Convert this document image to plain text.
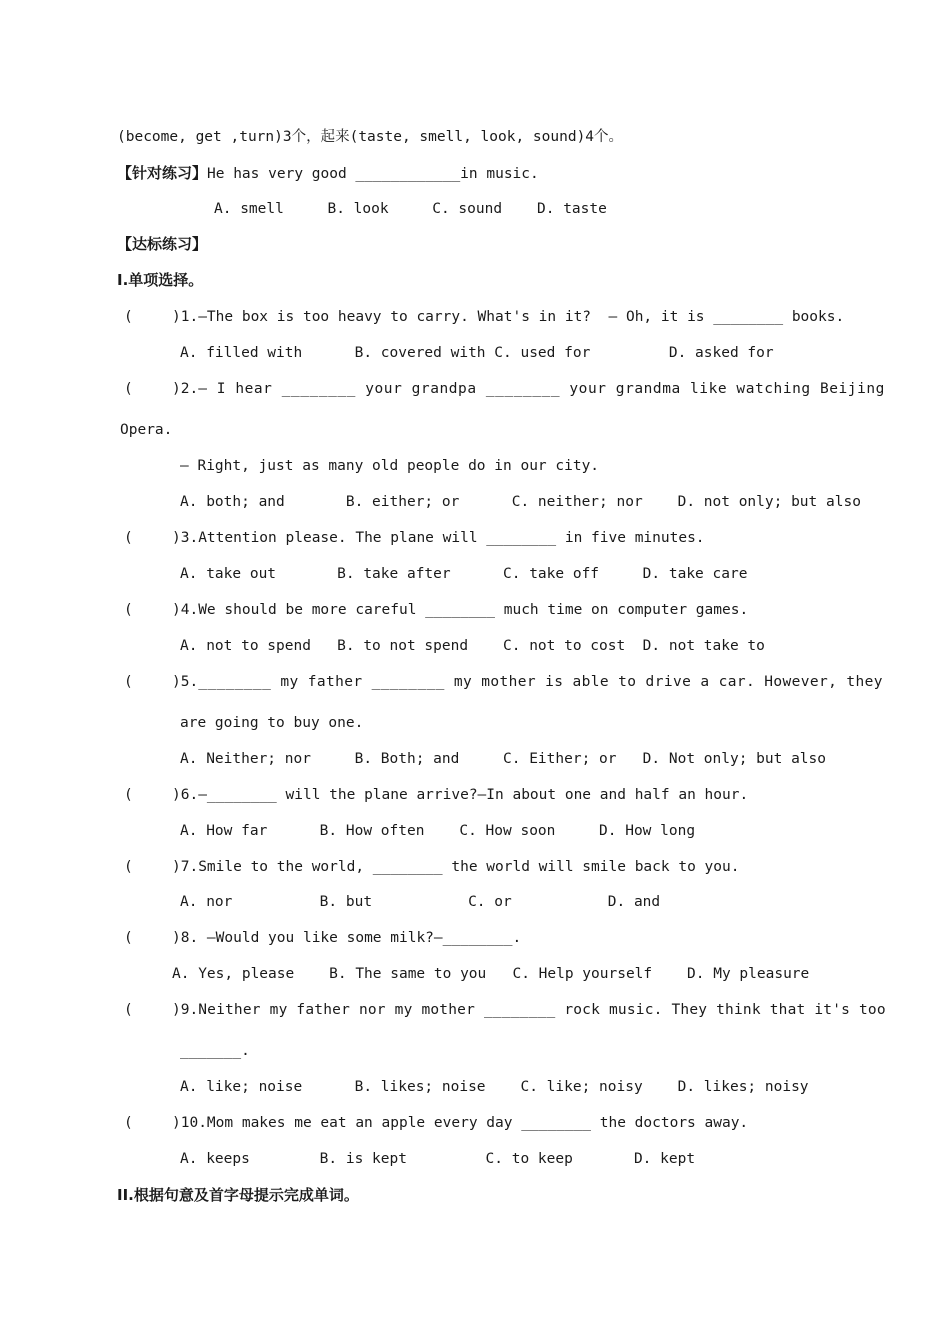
(become, get ,turn)3个，起来(taste, smell, look, sound)4个。
【针对练习】He has very good ____________in music.
A. smell     B. look     C. sound    D. taste
【达标练习】
Ⅰ.单项选择。
(	)1.—The box is too heavy to carry. What's in it?  — Oh, it is ________ books.
A. filled with      B. covered with C. used for         D. asked for
(	)2.— I hear ________ your grandpa ________ your grandma like watching Beijing
Opera.
— Right, just as many old people do in our city.
A. both; and       B. either; or      C. neither; nor    D. not only; but also
(	)3.Attention please. The plane will ________ in five minutes.
A. take out       B. take after      C. take off     D. take care
(	)4.We should be more careful ________ much time on computer games.
A. not to spend   B. to not spend    C. not to cost  D. not take to
(	)5.________ my father ________ my mother is able to drive a car. However, they
are going to buy one.
A. Neither; nor     B. Both; and     C. Either; or   D. Not only; but also
(	)6.—________ will the plane arrive?—In about one and half an hour.
A. How far      B. How often    C. How soon     D. How long
(	)7.Smile to the world, ________ the world will smile back to you.
A. nor          B. but           C. or           D. and
(	)8. —Would you like some milk?—________.
A. Yes, please    B. The same to you   C. Help yourself    D. My pleasure
(	)9.Neither my father nor my mother ________ rock music. They think that it's too
_______.
A. like; noise      B. likes; noise    C. like; noisy    D. likes; noisy
(	)10.Mom makes me eat an apple every day ________ the doctors away.
A. keeps        B. is kept         C. to keep       D. kept
II.根据句意及首字母提示完成单词。
